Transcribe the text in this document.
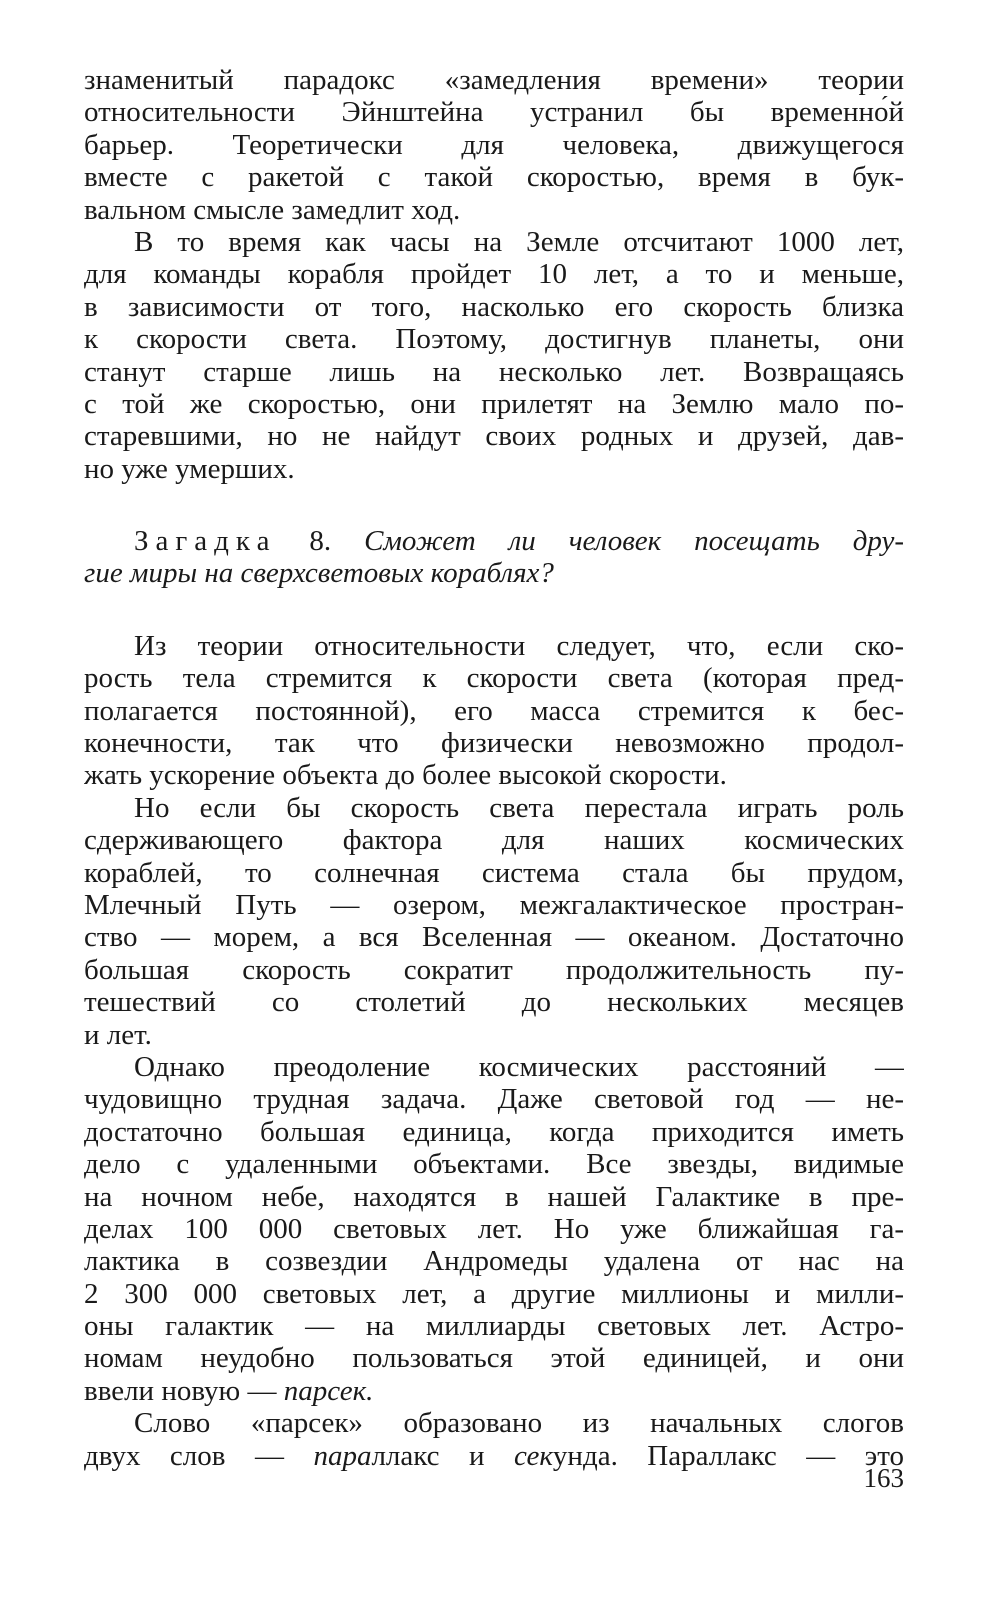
знаменитый парадокс «замедления времени» теории
относительности Эйнштейна устранил бы временно́й
барьер. Теоретически для человека, движущегося
вместе с ракетой с такой скоростью, время в бук-
вальном смысле замедлит ход.
В то время как часы на Земле отсчитают 1000 лет,
для команды корабля пройдет 10 лет, а то и меньше,
в зависимости от того, насколько его скорость близка
к скорости света. Поэтому, достигнув планеты, они
станут старше лишь на несколько лет. Возвращаясь
с той же скоростью, они прилетят на Землю мало по-
старевшими, но не найдут своих родных и друзей, дав-
но уже умерших.
Загадка 8. Сможет ли человек посещать дру-
гие миры на сверхсветовых кораблях?
Из теории относительности следует, что, если ско-
рость тела стремится к скорости света (которая пред-
полагается постоянной), его масса стремится к бес-
конечности, так что физически невозможно продол-
жать ускорение объекта до более высокой скорости.
Но если бы скорость света перестала играть роль
сдерживающего фактора для наших космических
кораблей, то солнечная система стала бы прудом,
Млечный Путь — озером, межгалактическое простран-
ство — морем, а вся Вселенная — океаном. Достаточно
большая скорость сократит продолжительность пу-
тешествий со столетий до нескольких месяцев
и лет.
Однако преодоление космических расстояний —
чудовищно трудная задача. Даже световой год — не-
достаточно большая единица, когда приходится иметь
дело с удаленными объектами. Все звезды, видимые
на ночном небе, находятся в нашей Галактике в пре-
делах 100 000 световых лет. Но уже ближайшая га-
лактика в созвездии Андромеды удалена от нас на
2 300 000 световых лет, а другие миллионы и милли-
оны галактик — на миллиарды световых лет. Астро-
номам неудобно пользоваться этой единицей, и они
ввели новую — парсек.
Слово «парсек» образовано из начальных слогов
двух слов — параллакс и секунда. Параллакс — это
163
